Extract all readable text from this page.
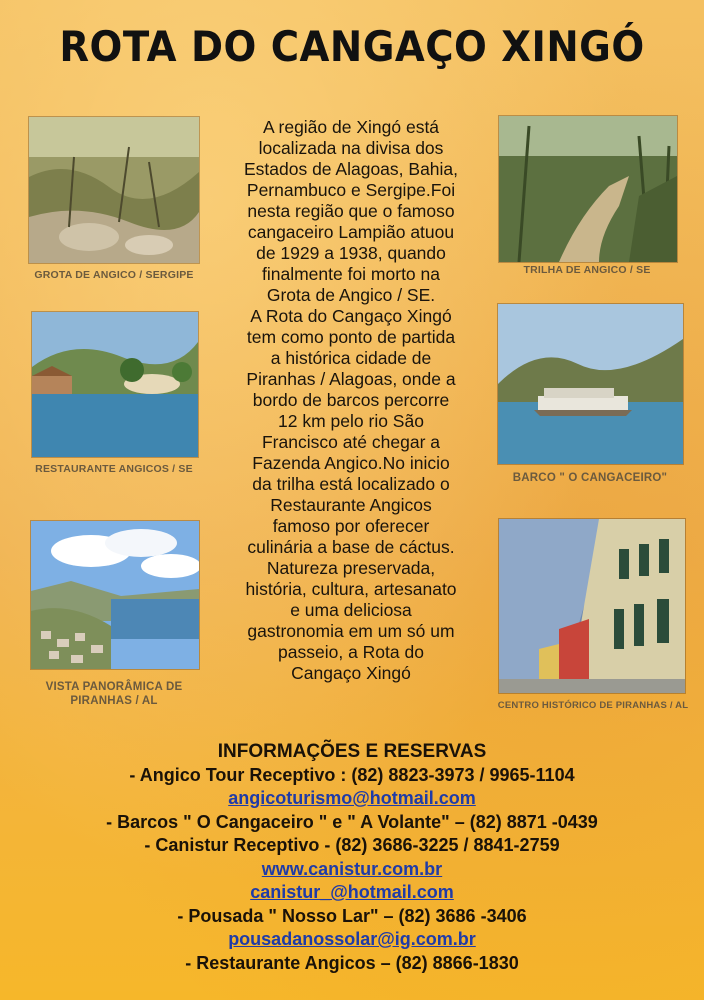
ROTA DO CANGAÇO XINGÓ
GROTA DE ANGICO / SERGIPE
RESTAURANTE ANGICOS / SE
VISTA PANORÂMICA DE
PIRANHAS / AL
A região de Xingó está
localizada na divisa dos
Estados de Alagoas, Bahia,
Pernambuco e Sergipe.Foi
nesta região que o famoso
cangaceiro Lampião atuou
de 1929 a 1938, quando
finalmente foi morto na
Grota de Angico / SE.
A Rota do Cangaço Xingó
tem como ponto de partida
a histórica cidade de
Piranhas / Alagoas, onde a
bordo de barcos percorre
12 km pelo rio São
Francisco até chegar a
Fazenda Angico.No inicio
da trilha está localizado o
Restaurante Angicos
famoso por oferecer
culinária a base de cáctus.
Natureza preservada,
história, cultura, artesanato
e uma deliciosa
gastronomia em um só um
passeio, a Rota do
Cangaço Xingó
TRILHA DE ANGICO / SE
BARCO " O CANGACEIRO"
CENTRO HISTÓRICO DE PIRANHAS / AL
INFORMAÇÕES E RESERVAS
- Angico Tour Receptivo : (82) 8823-3973 / 9965-1104
angicoturismo@hotmail.com
- Barcos " O Cangaceiro " e " A Volante" – (82) 8871 -0439
- Canistur Receptivo - (82) 3686-3225 / 8841-2759
www.canistur.com.br
canistur_@hotmail.com
- Pousada " Nosso Lar" – (82) 3686 -3406
pousadanossolar@ig.com.br
- Restaurante Angicos – (82) 8866-1830
